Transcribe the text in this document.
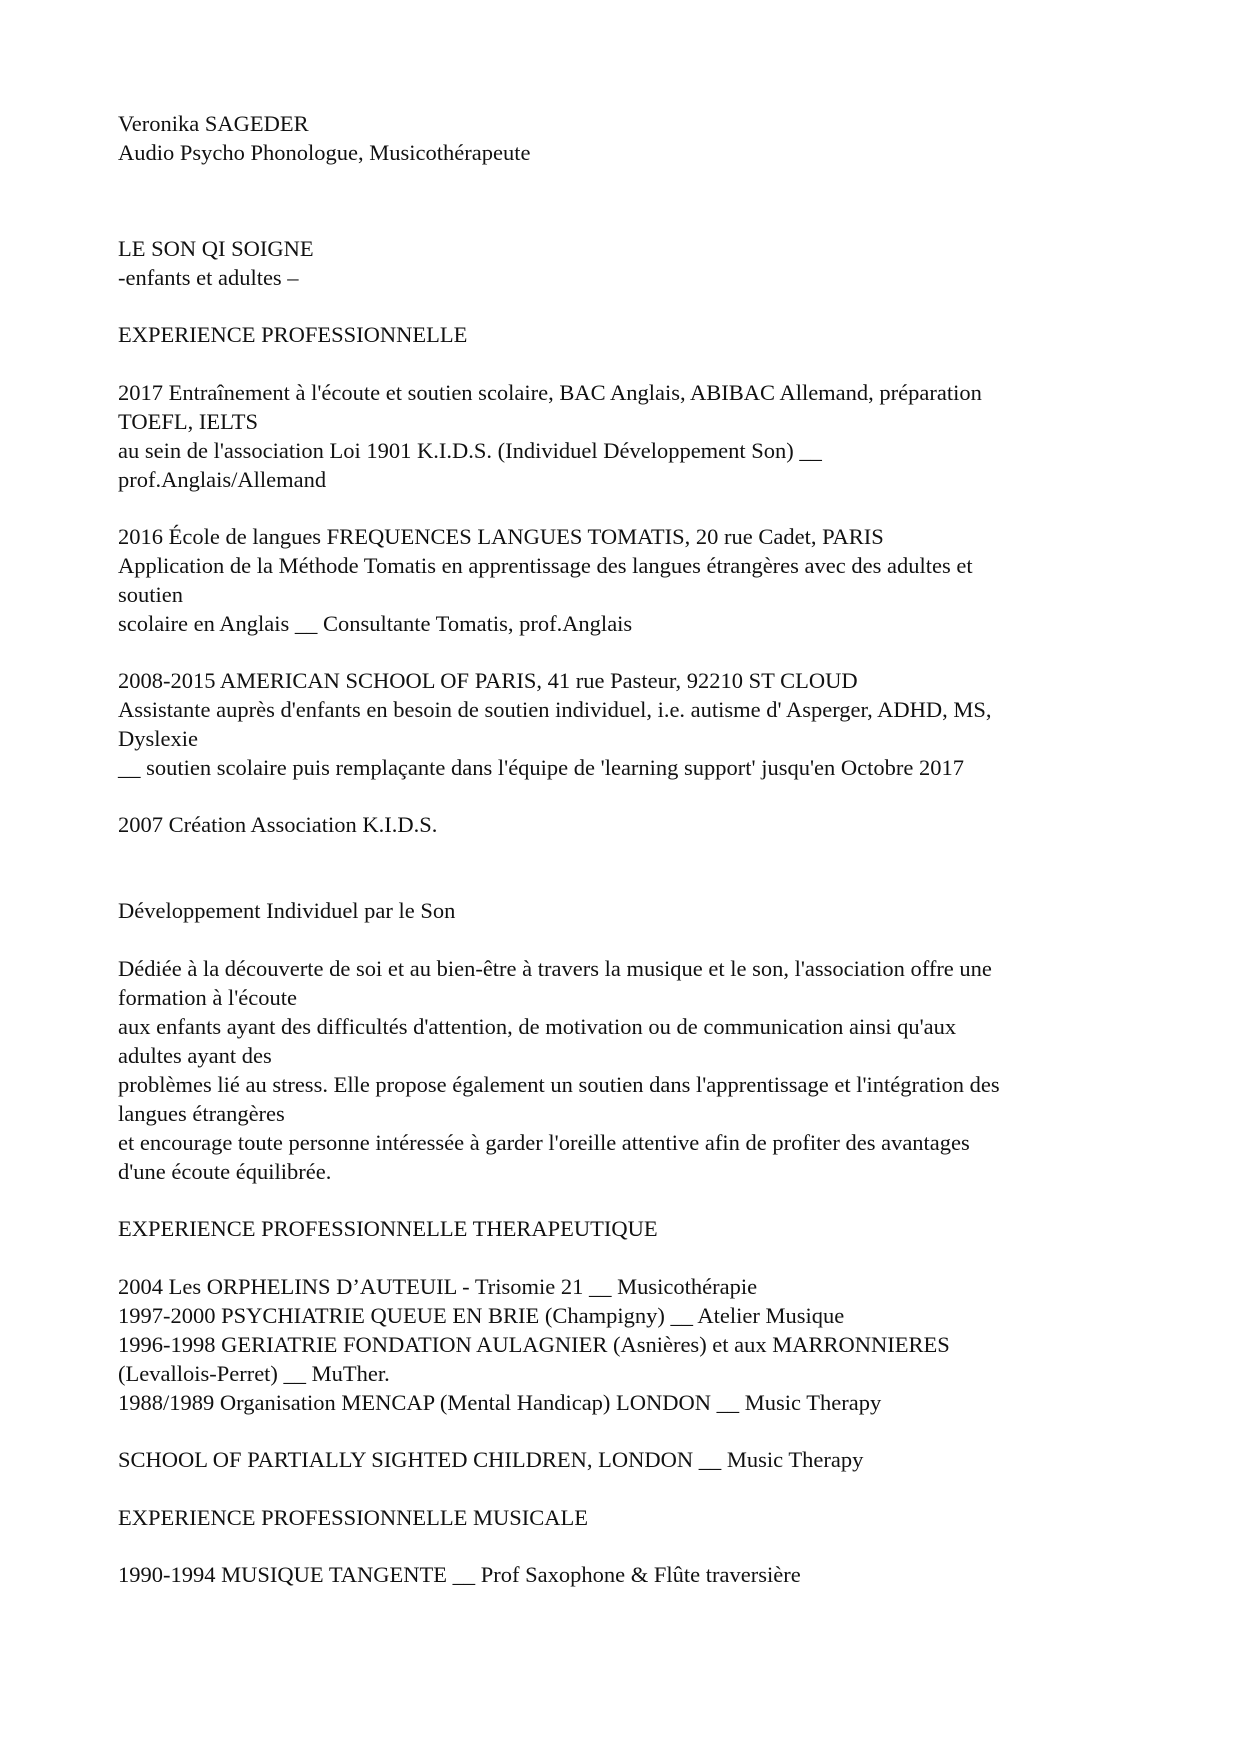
Veronika SAGEDER
Audio Psycho Phonologue, Musicothérapeute
LE SON QI SOIGNE
-enfants et adultes –
EXPERIENCE PROFESSIONNELLE
2017 Entraînement à l'écoute et soutien scolaire, BAC Anglais, ABIBAC Allemand, préparation
TOEFL, IELTS
au sein de l'association Loi 1901 K.I.D.S. (Individuel Développement Son) __
prof.Anglais/Allemand
2016 École de langues FREQUENCES LANGUES TOMATIS, 20 rue Cadet, PARIS
Application de la Méthode Tomatis en apprentissage des langues étrangères avec des adultes et
soutien
scolaire en Anglais __ Consultante Tomatis, prof.Anglais
2008-2015 AMERICAN SCHOOL OF PARIS, 41 rue Pasteur, 92210 ST CLOUD
Assistante auprès d'enfants en besoin de soutien individuel, i.e. autisme d' Asperger, ADHD, MS,
Dyslexie
__ soutien scolaire puis remplaçante dans l'équipe de 'learning support' jusqu'en Octobre 2017
2007 Création Association K.I.D.S.
Développement Individuel par le Son
Dédiée à la découverte de soi et au bien-être à travers la musique et le son, l'association offre une
formation à l'écoute
aux enfants ayant des difficultés d'attention, de motivation ou de communication ainsi qu'aux
adultes ayant des
problèmes lié au stress. Elle propose également un soutien dans l'apprentissage et l'intégration des
langues étrangères
et encourage toute personne intéressée à garder l'oreille attentive afin de profiter des avantages
d'une écoute équilibrée.
EXPERIENCE PROFESSIONNELLE THERAPEUTIQUE
2004 Les ORPHELINS D’AUTEUIL - Trisomie 21 __ Musicothérapie
1997-2000 PSYCHIATRIE QUEUE EN BRIE (Champigny) __ Atelier Musique
1996-1998 GERIATRIE FONDATION AULAGNIER (Asnières) et aux MARRONNIERES
(Levallois-Perret) __ MuTher.
1988/1989 Organisation MENCAP (Mental Handicap) LONDON __ Music Therapy
SCHOOL OF PARTIALLY SIGHTED CHILDREN, LONDON __ Music Therapy
EXPERIENCE PROFESSIONNELLE MUSICALE
1990-1994 MUSIQUE TANGENTE __ Prof Saxophone & Flûte traversière
